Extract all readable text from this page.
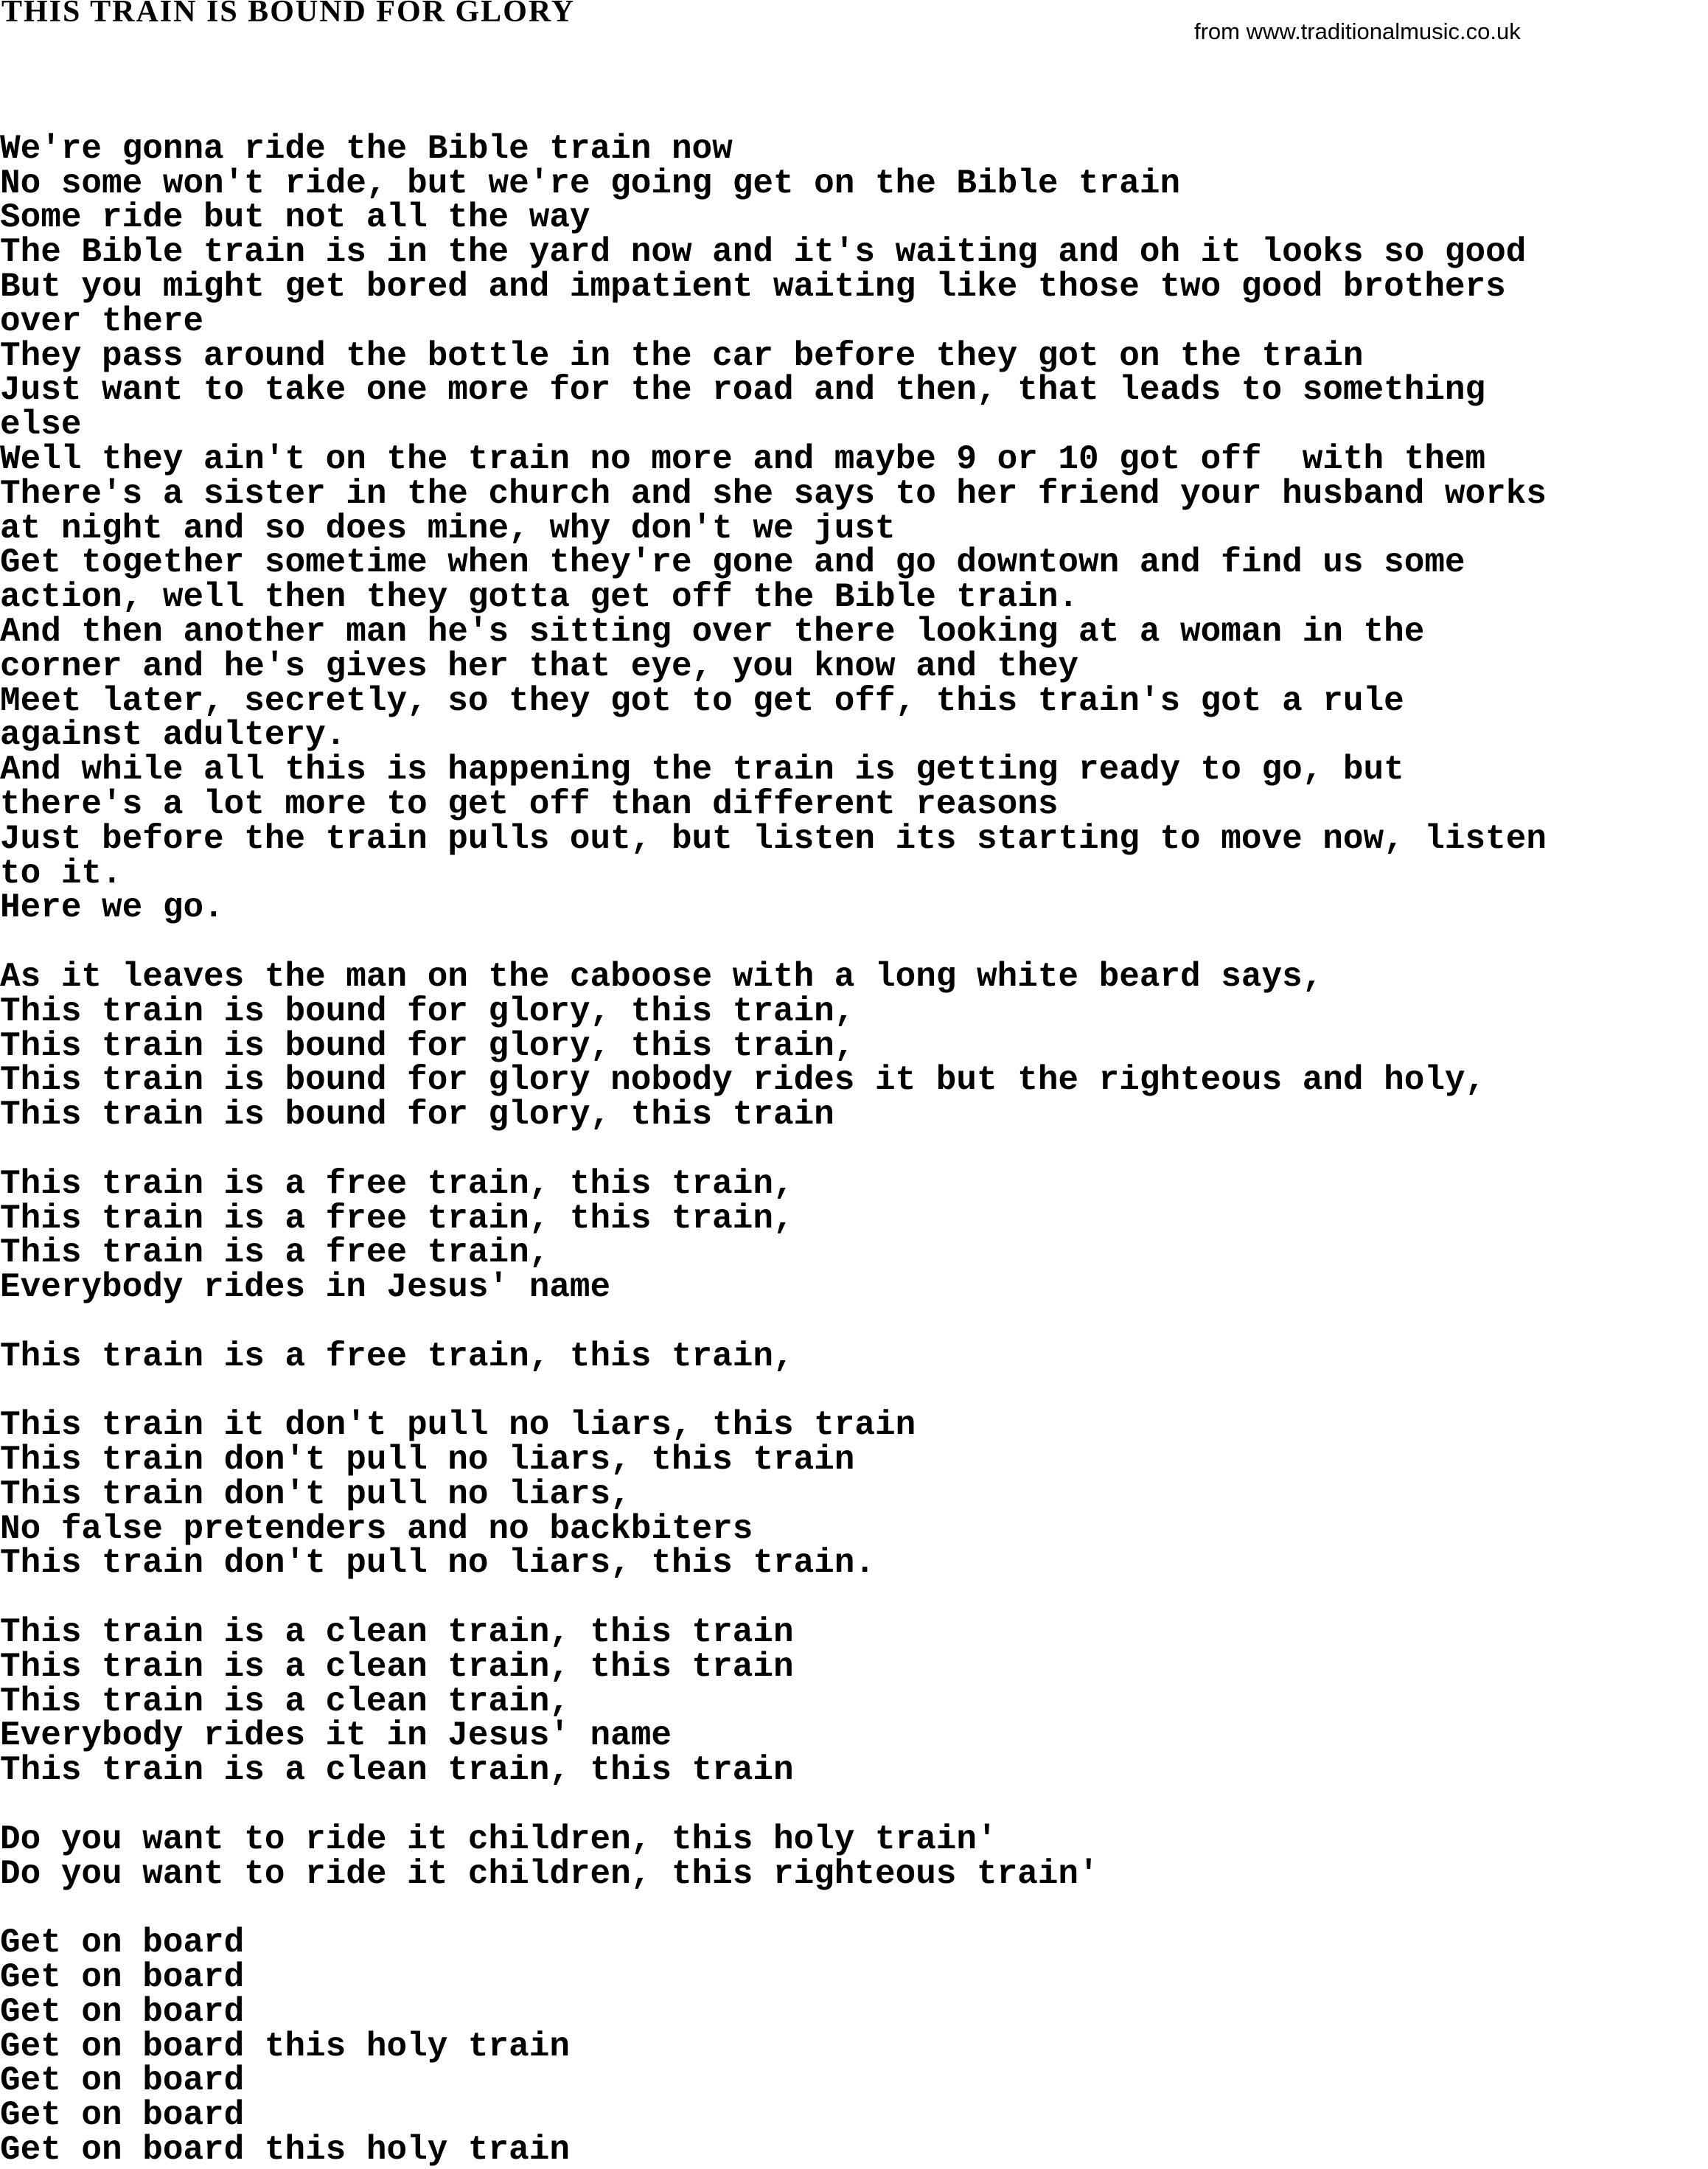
THIS TRAIN IS BOUND FOR GLORY
from www.traditionalmusic.co.uk
We're gonna ride the Bible train now
No some won't ride, but we're going get on the Bible train
Some ride but not all the way
The Bible train is in the yard now and it's waiting and oh it looks so good
But you might get bored and impatient waiting like those two good brothers
over there
They pass around the bottle in the car before they got on the train
Just want to take one more for the road and then, that leads to something
else
Well they ain't on the train no more and maybe 9 or 10 got off  with them
There's a sister in the church and she says to her friend your husband works
at night and so does mine, why don't we just
Get together sometime when they're gone and go downtown and find us some
action, well then they gotta get off the Bible train.
And then another man he's sitting over there looking at a woman in the
corner and he's gives her that eye, you know and they
Meet later, secretly, so they got to get off, this train's got a rule
against adultery.
And while all this is happening the train is getting ready to go, but
there's a lot more to get off than different reasons
Just before the train pulls out, but listen its starting to move now, listen
to it.
Here we go.
As it leaves the man on the caboose with a long white beard says,
This train is bound for glory, this train,
This train is bound for glory, this train,
This train is bound for glory nobody rides it but the righteous and holy,
This train is bound for glory, this train
This train is a free train, this train,
This train is a free train, this train,
This train is a free train,
Everybody rides in Jesus' name
This train is a free train, this train,
This train it don't pull no liars, this train
This train don't pull no liars, this train
This train don't pull no liars,
No false pretenders and no backbiters
This train don't pull no liars, this train.
This train is a clean train, this train
This train is a clean train, this train
This train is a clean train,
Everybody rides it in Jesus' name
This train is a clean train, this train
Do you want to ride it children, this holy train'
Do you want to ride it children, this righteous train'
Get on board
Get on board
Get on board
Get on board this holy train
Get on board
Get on board
Get on board this holy train
